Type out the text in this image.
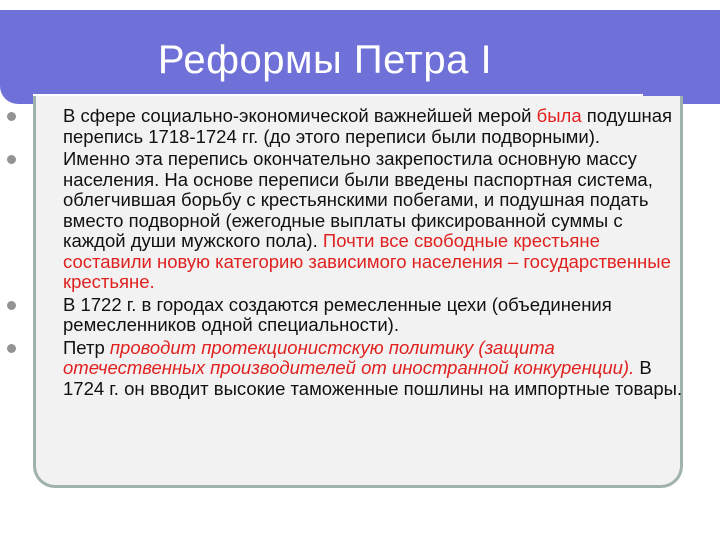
Реформы Петра I
В сфере социально-экономической важнейшей мерой была подушная перепись 1718-1724 гг. (до этого переписи были подворными).
Именно эта перепись окончательно закрепостила основную массу населения. На основе переписи были введены паспортная система, облегчившая борьбу с крестьянскими побегами, и подушная подать вместо подворной (ежегодные выплаты фиксированной суммы с каждой души мужского пола). Почти все свободные крестьяне составили новую категорию зависимого населения – государственные крестьяне.
В 1722 г. в городах создаются ремесленные цехи (объединения ремесленников одной специальности).
Петр проводит протекционистскую политику (защита отечественных производителей от иностранной конкуренции). В 1724 г. он вводит высокие таможенные пошлины на импортные товары.
